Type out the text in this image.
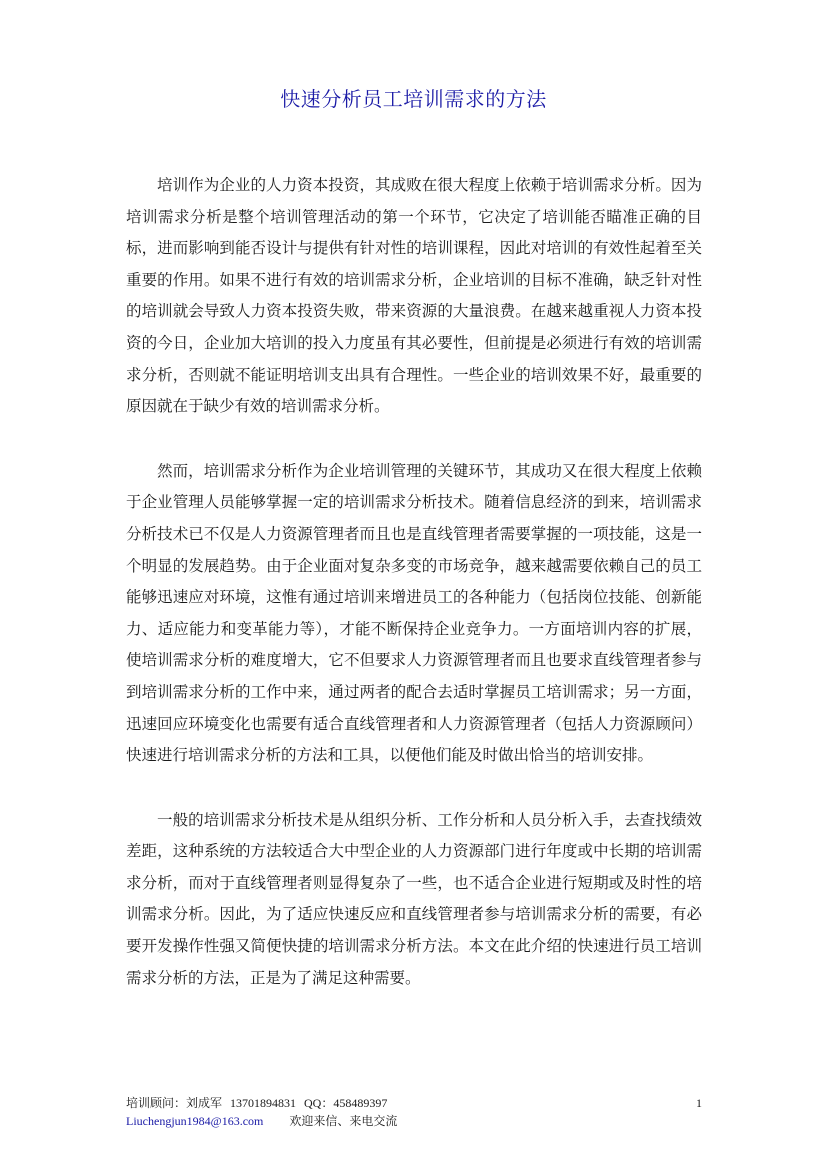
快速分析员工培训需求的方法

培训作为企业的人力资本投资，其成败在很大程度上依赖于培训需求分析。因为培训需求分析是整个培训管理活动的第一个环节，它决定了培训能否瞄准正确的目标，进而影响到能否设计与提供有针对性的培训课程，因此对培训的有效性起着至关重要的作用。如果不进行有效的培训需求分析，企业培训的目标不准确，缺乏针对性的培训就会导致人力资本投资失败，带来资源的大量浪费。在越来越重视人力资本投资的今日，企业加大培训的投入力度虽有其必要性，但前提是必须进行有效的培训需求分析，否则就不能证明培训支出具有合理性。一些企业的培训效果不好，最重要的原因就在于缺少有效的培训需求分析。

然而，培训需求分析作为企业培训管理的关键环节，其成功又在很大程度上依赖于企业管理人员能够掌握一定的培训需求分析技术。随着信息经济的到来，培训需求分析技术已不仅是人力资源管理者而且也是直线管理者需要掌握的一项技能，这是一个明显的发展趋势。由于企业面对复杂多变的市场竞争，越来越需要依赖自己的员工能够迅速应对环境，这惟有通过培训来增进员工的各种能力（包括岗位技能、创新能力、适应能力和变革能力等），才能不断保持企业竞争力。一方面培训内容的扩展，使培训需求分析的难度增大，它不但要求人力资源管理者而且也要求直线管理者参与到培训需求分析的工作中来，通过两者的配合去适时掌握员工培训需求；另一方面，迅速回应环境变化也需要有适合直线管理者和人力资源管理者（包括人力资源顾问）快速进行培训需求分析的方法和工具，以便他们能及时做出恰当的培训安排。

一般的培训需求分析技术是从组织分析、工作分析和人员分析入手，去查找绩效差距，这种系统的方法较适合大中型企业的人力资源部门进行年度或中长期的培训需求分析，而对于直线管理者则显得复杂了一些，也不适合企业进行短期或及时性的培训需求分析。因此，为了适应快速反应和直线管理者参与培训需求分析的需要，有必要开发操作性强又简便快捷的培训需求分析方法。本文在此介绍的快速进行员工培训需求分析的方法，正是为了满足这种需要。

培训顾问：刘成军 13701894831 QQ：458489397
Liuchengjun1984@163.com 欢迎来信、来电交流
1
